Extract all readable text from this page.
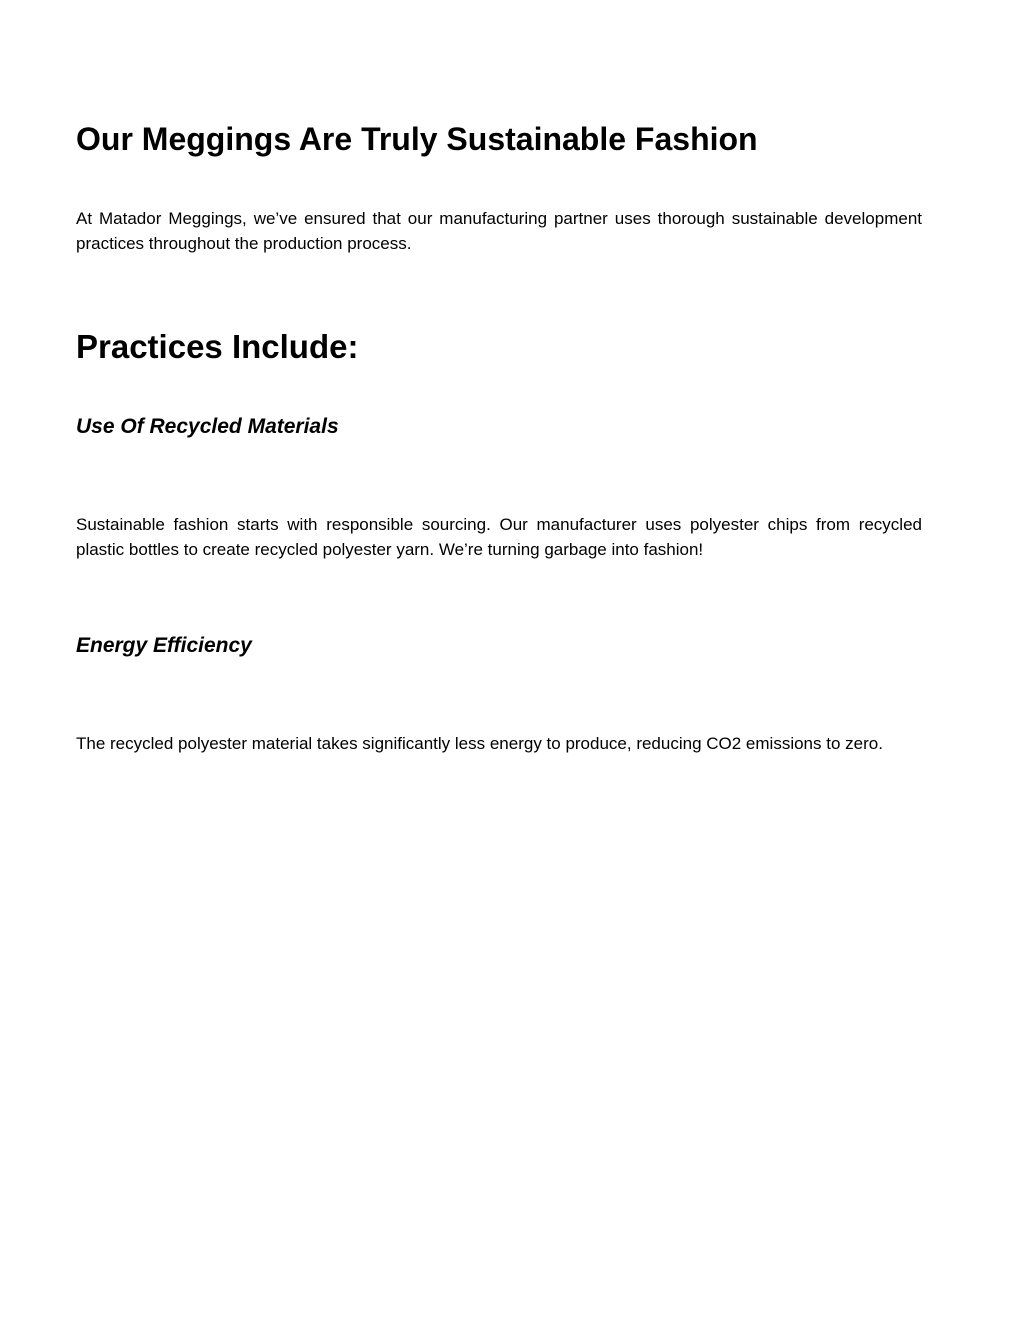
Our Meggings Are Truly Sustainable Fashion

At Matador Meggings, we’ve ensured that our manufacturing partner uses thorough sustainable development practices throughout the production process.

Practices Include:
Use Of Recycled Materials

Sustainable fashion starts with responsible sourcing. Our manufacturer uses polyester chips from recycled plastic bottles to create recycled polyester yarn. We’re turning garbage into fashion!

Energy Efficiency

The recycled polyester material takes significantly less energy to produce, reducing CO2 emissions to zero.
